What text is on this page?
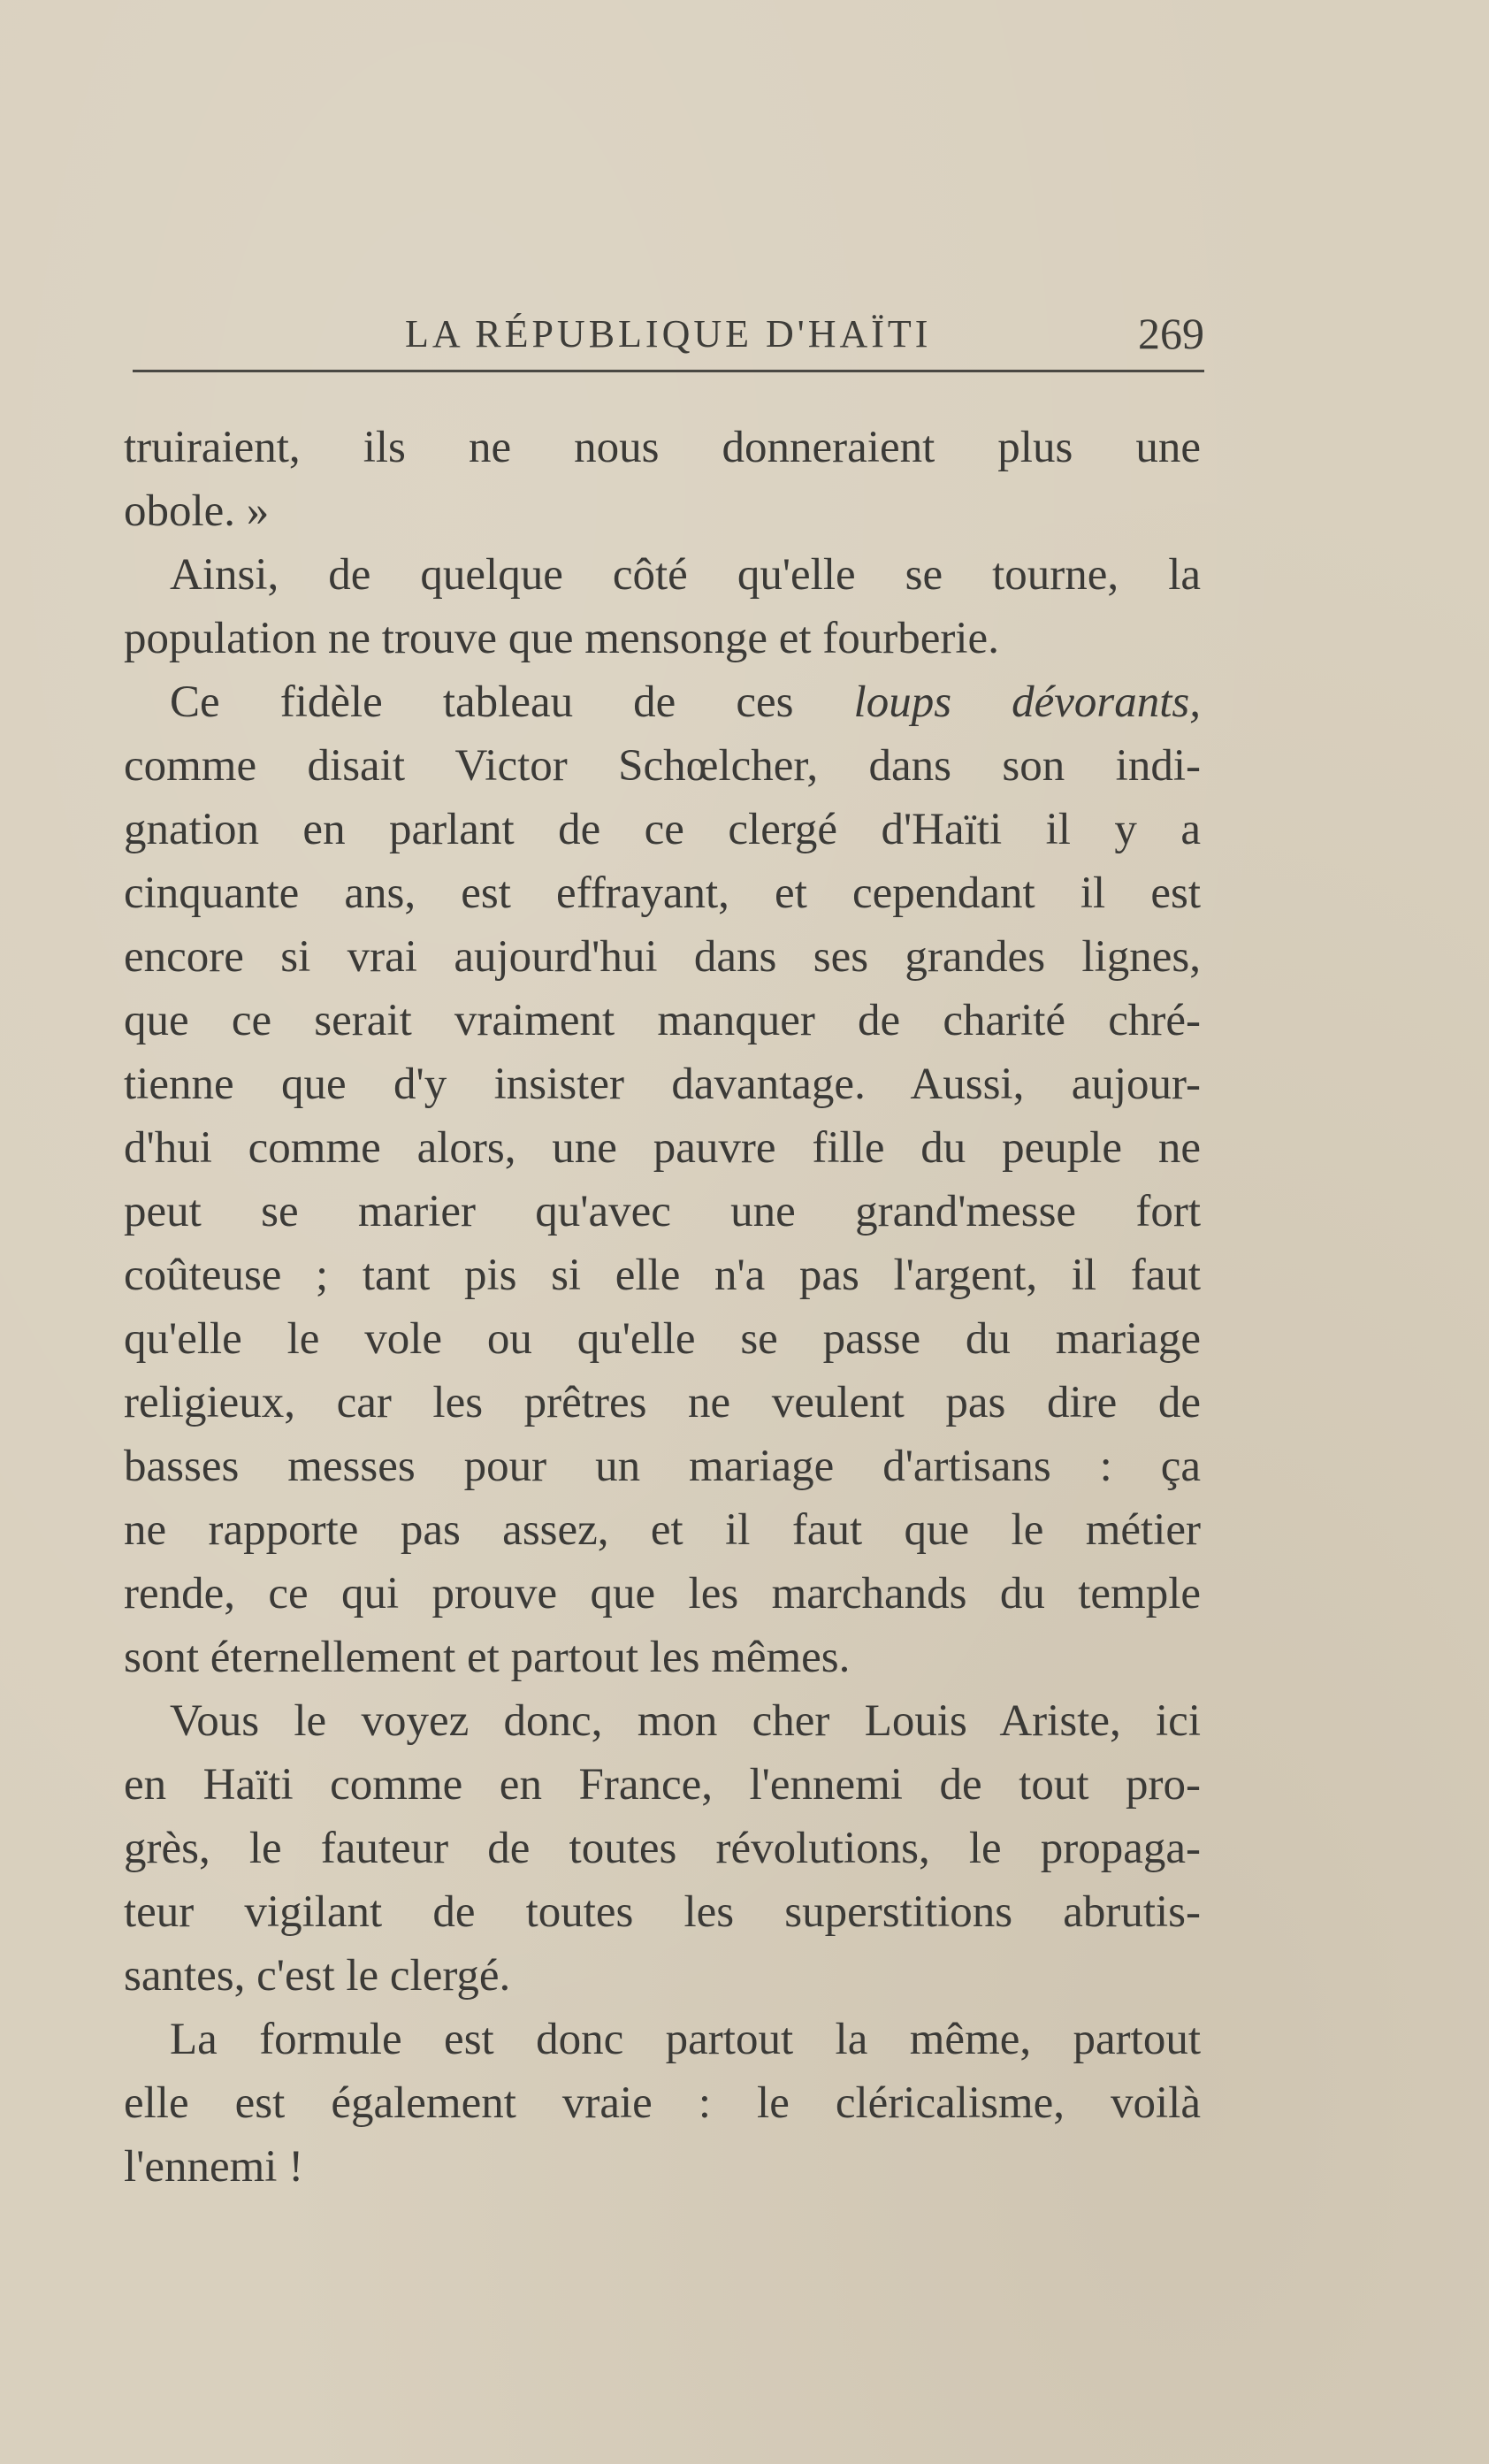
LA RÉPUBLIQUE D'HAÏTI	269
truiraient, ils ne nous donneraient plus une
obole. »
Ainsi, de quelque côté qu'elle se tourne, la
population ne trouve que mensonge et fourberie.
Ce fidèle tableau de ces loups dévorants,
comme disait Victor Schœlcher, dans son indi-
gnation en parlant de ce clergé d'Haïti il y a
cinquante ans, est effrayant, et cependant il est
encore si vrai aujourd'hui dans ses grandes lignes,
que ce serait vraiment manquer de charité chré-
tienne que d'y insister davantage. Aussi, aujour-
d'hui comme alors, une pauvre fille du peuple ne
peut se marier qu'avec une grand'messe fort
coûteuse ; tant pis si elle n'a pas l'argent, il faut
qu'elle le vole ou qu'elle se passe du mariage
religieux, car les prêtres ne veulent pas dire de
basses messes pour un mariage d'artisans : ça
ne rapporte pas assez, et il faut que le métier
rende, ce qui prouve que les marchands du temple
sont éternellement et partout les mêmes.
Vous le voyez donc, mon cher Louis Ariste, ici
en Haïti comme en France, l'ennemi de tout pro-
grès, le fauteur de toutes révolutions, le propaga-
teur vigilant de toutes les superstitions abrutis-
santes, c'est le clergé.
La formule est donc partout la même, partout
elle est également vraie : le cléricalisme, voilà
l'ennemi !
